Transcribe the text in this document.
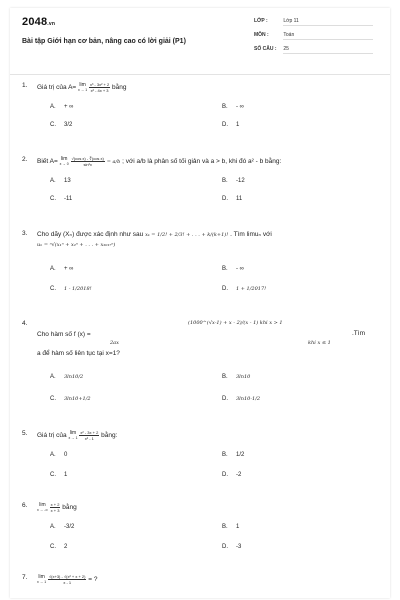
2048.vn
Bài tập Giới hạn cơ bản, nâng cao có lời giải (P1)
LỚP :	Lớp 11
MÔN :	Toán
SỐ CÂU : 25
1. Giá trị của A= lim
x → 1
$\frac{\text{x³ - 3x² + 2}}{\text{x² - 4x + 3}}$ bằng
A. + ∞	B. - ∞
C. 3/2	D. 1
2. Biết A= lim
x → 0
$\frac{\text{√(cos x) - ∛(cos x)}}{\text{sin²x}} = a/b$ ; với a/b là phân số tối giản và a > b, khi đó a² - b bằng:
A. 13	B. -12
C. -11	D. 11
3. Cho dãy (Xₙ) được xác định như sau xₖ = 1/2! + 2/3! + . . . + k/(k+1)! . Tìm limuₙ với
uₙ = ⁿ√(x₁ⁿ + x₂ⁿ + . . . + x₂₀₁₇ⁿ)
A. + ∞	B. - ∞
C. 1 - 1/2018!	D. 1 + 1/2017!
4.
Cho hàm số f (x) =
(1000^(√x-1) + x - 2)/(x - 1) khi x > 1
2ax	khi x ≤ 1
.Tìm
a để hàm số liên tục tại x=1?
A. 3ln10/2	B. 3ln10
C. 3ln10+1/2	D. 3ln10-1/2
5. Giá trị của lim
x → 1
$\frac{\text{x² - 3x + 2}}{\text{x² - 1}}$ bằng:
A. 0	B. 1/2
C. 1	D. -2
6.	lim
x → -∞
$\frac{x + 2}{x + 3}$ bằng
A. -3/2	B. 1
C. 2	D. -3
7. lim
x → 1
$\frac{\text{√(x+3) - √(x² + x + 2)}}{x - 1}$ = ?
